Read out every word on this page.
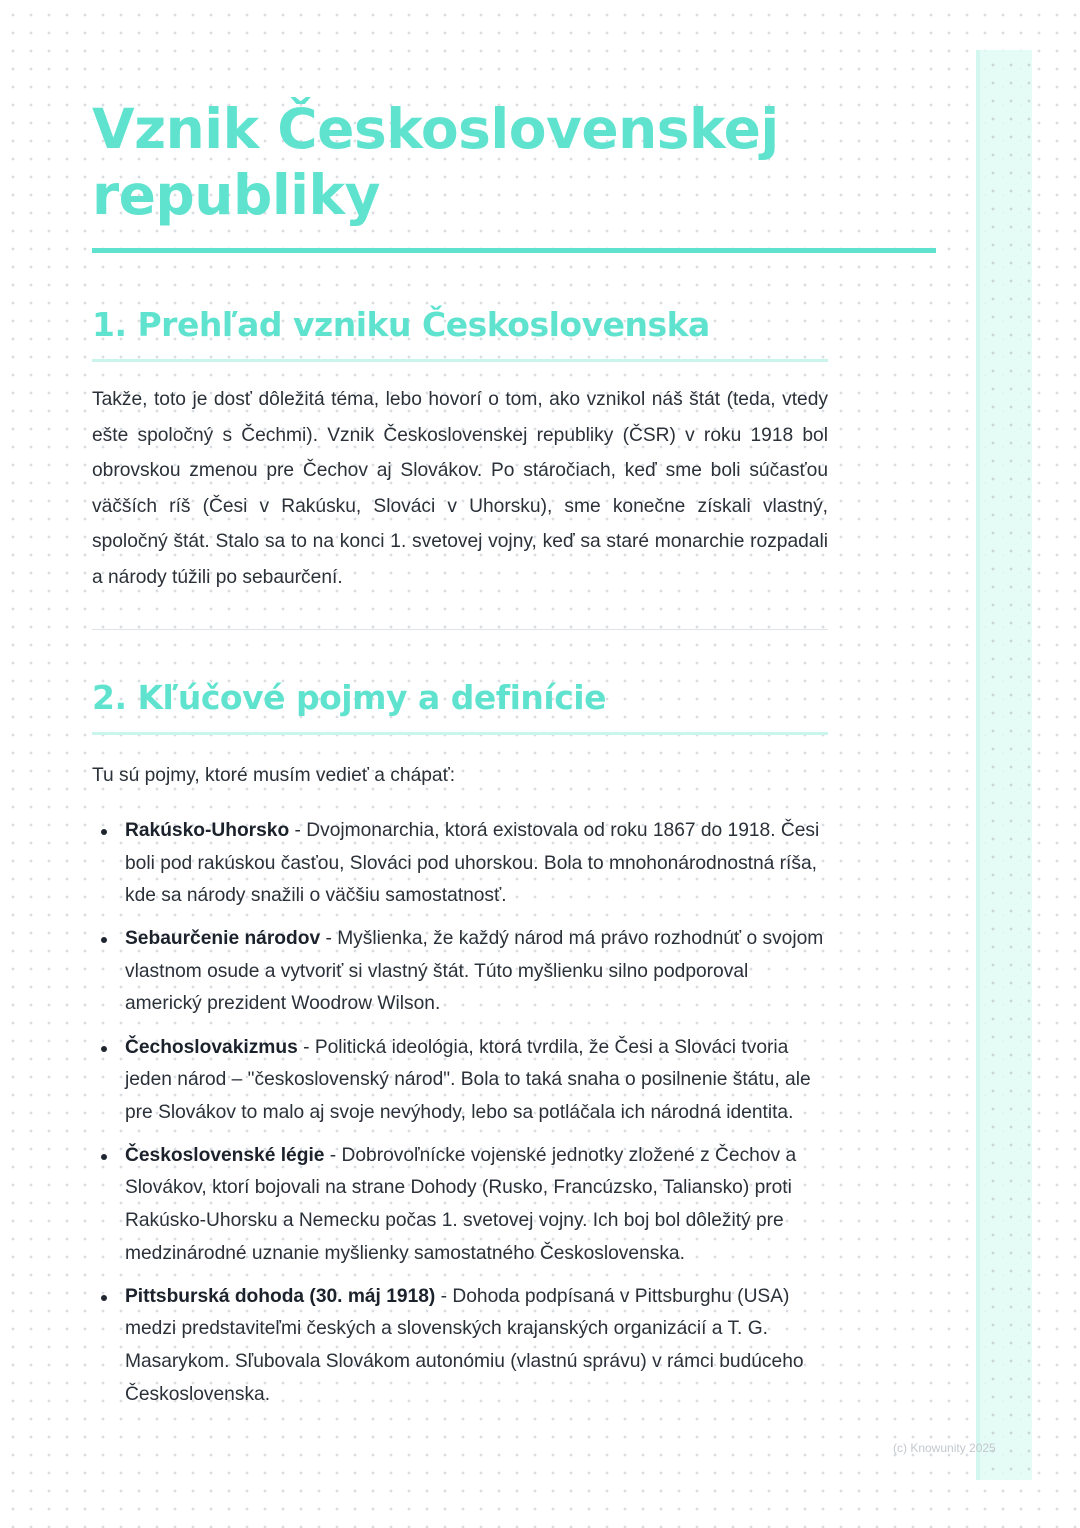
Vznik Československej republiky
1. Prehľad vzniku Československa

Takže, toto je dosť dôležitá téma, lebo hovorí o tom, ako vznikol náš štát (teda, vtedy ešte spoločný s Čechmi). Vznik Československej republiky (ČSR) v roku 1918 bol obrovskou zmenou pre Čechov aj Slovákov. Po stáročiach, keď sme boli súčasťou väčších ríš (Česi v Rakúsku, Slováci v Uhorsku), sme konečne získali vlastný, spoločný štát. Stalo sa to na konci 1. svetovej vojny, keď sa staré monarchie rozpadali a národy túžili po sebaurčení.

2. Kľúčové pojmy a definície

Tu sú pojmy, ktoré musím vedieť a chápať:

Rakúsko-Uhorsko - Dvojmonarchia, ktorá existovala od roku 1867 do 1918. Česi boli pod rakúskou časťou, Slováci pod uhorskou. Bola to mnohonárodnostná ríša, kde sa národy snažili o väčšiu samostatnosť.
Sebaurčenie národov - Myšlienka, že každý národ má právo rozhodnúť o svojom vlastnom osude a vytvoriť si vlastný štát. Túto myšlienku silno podporoval americký prezident Woodrow Wilson.
Čechoslovakizmus - Politická ideológia, ktorá tvrdila, že Česi a Slováci tvoria jeden národ – "československý národ". Bola to taká snaha o posilnenie štátu, ale pre Slovákov to malo aj svoje nevýhody, lebo sa potláčala ich národná identita.
Československé légie - Dobrovoľnícke vojenské jednotky zložené z Čechov a Slovákov, ktorí bojovali na strane Dohody (Rusko, Francúzsko, Taliansko) proti Rakúsko-Uhorsku a Nemecku počas 1. svetovej vojny. Ich boj bol dôležitý pre medzinárodné uznanie myšlienky samostatného Československa.
Pittsburská dohoda (30. máj 1918) - Dohoda podpísaná v Pittsburghu (USA) medzi predstaviteľmi českých a slovenských krajanských organizácií a T. G. Masarykom. Sľubovala Slovákom autonómiu (vlastnú správu) v rámci budúceho Československa.
(c) Knowunity 2025
